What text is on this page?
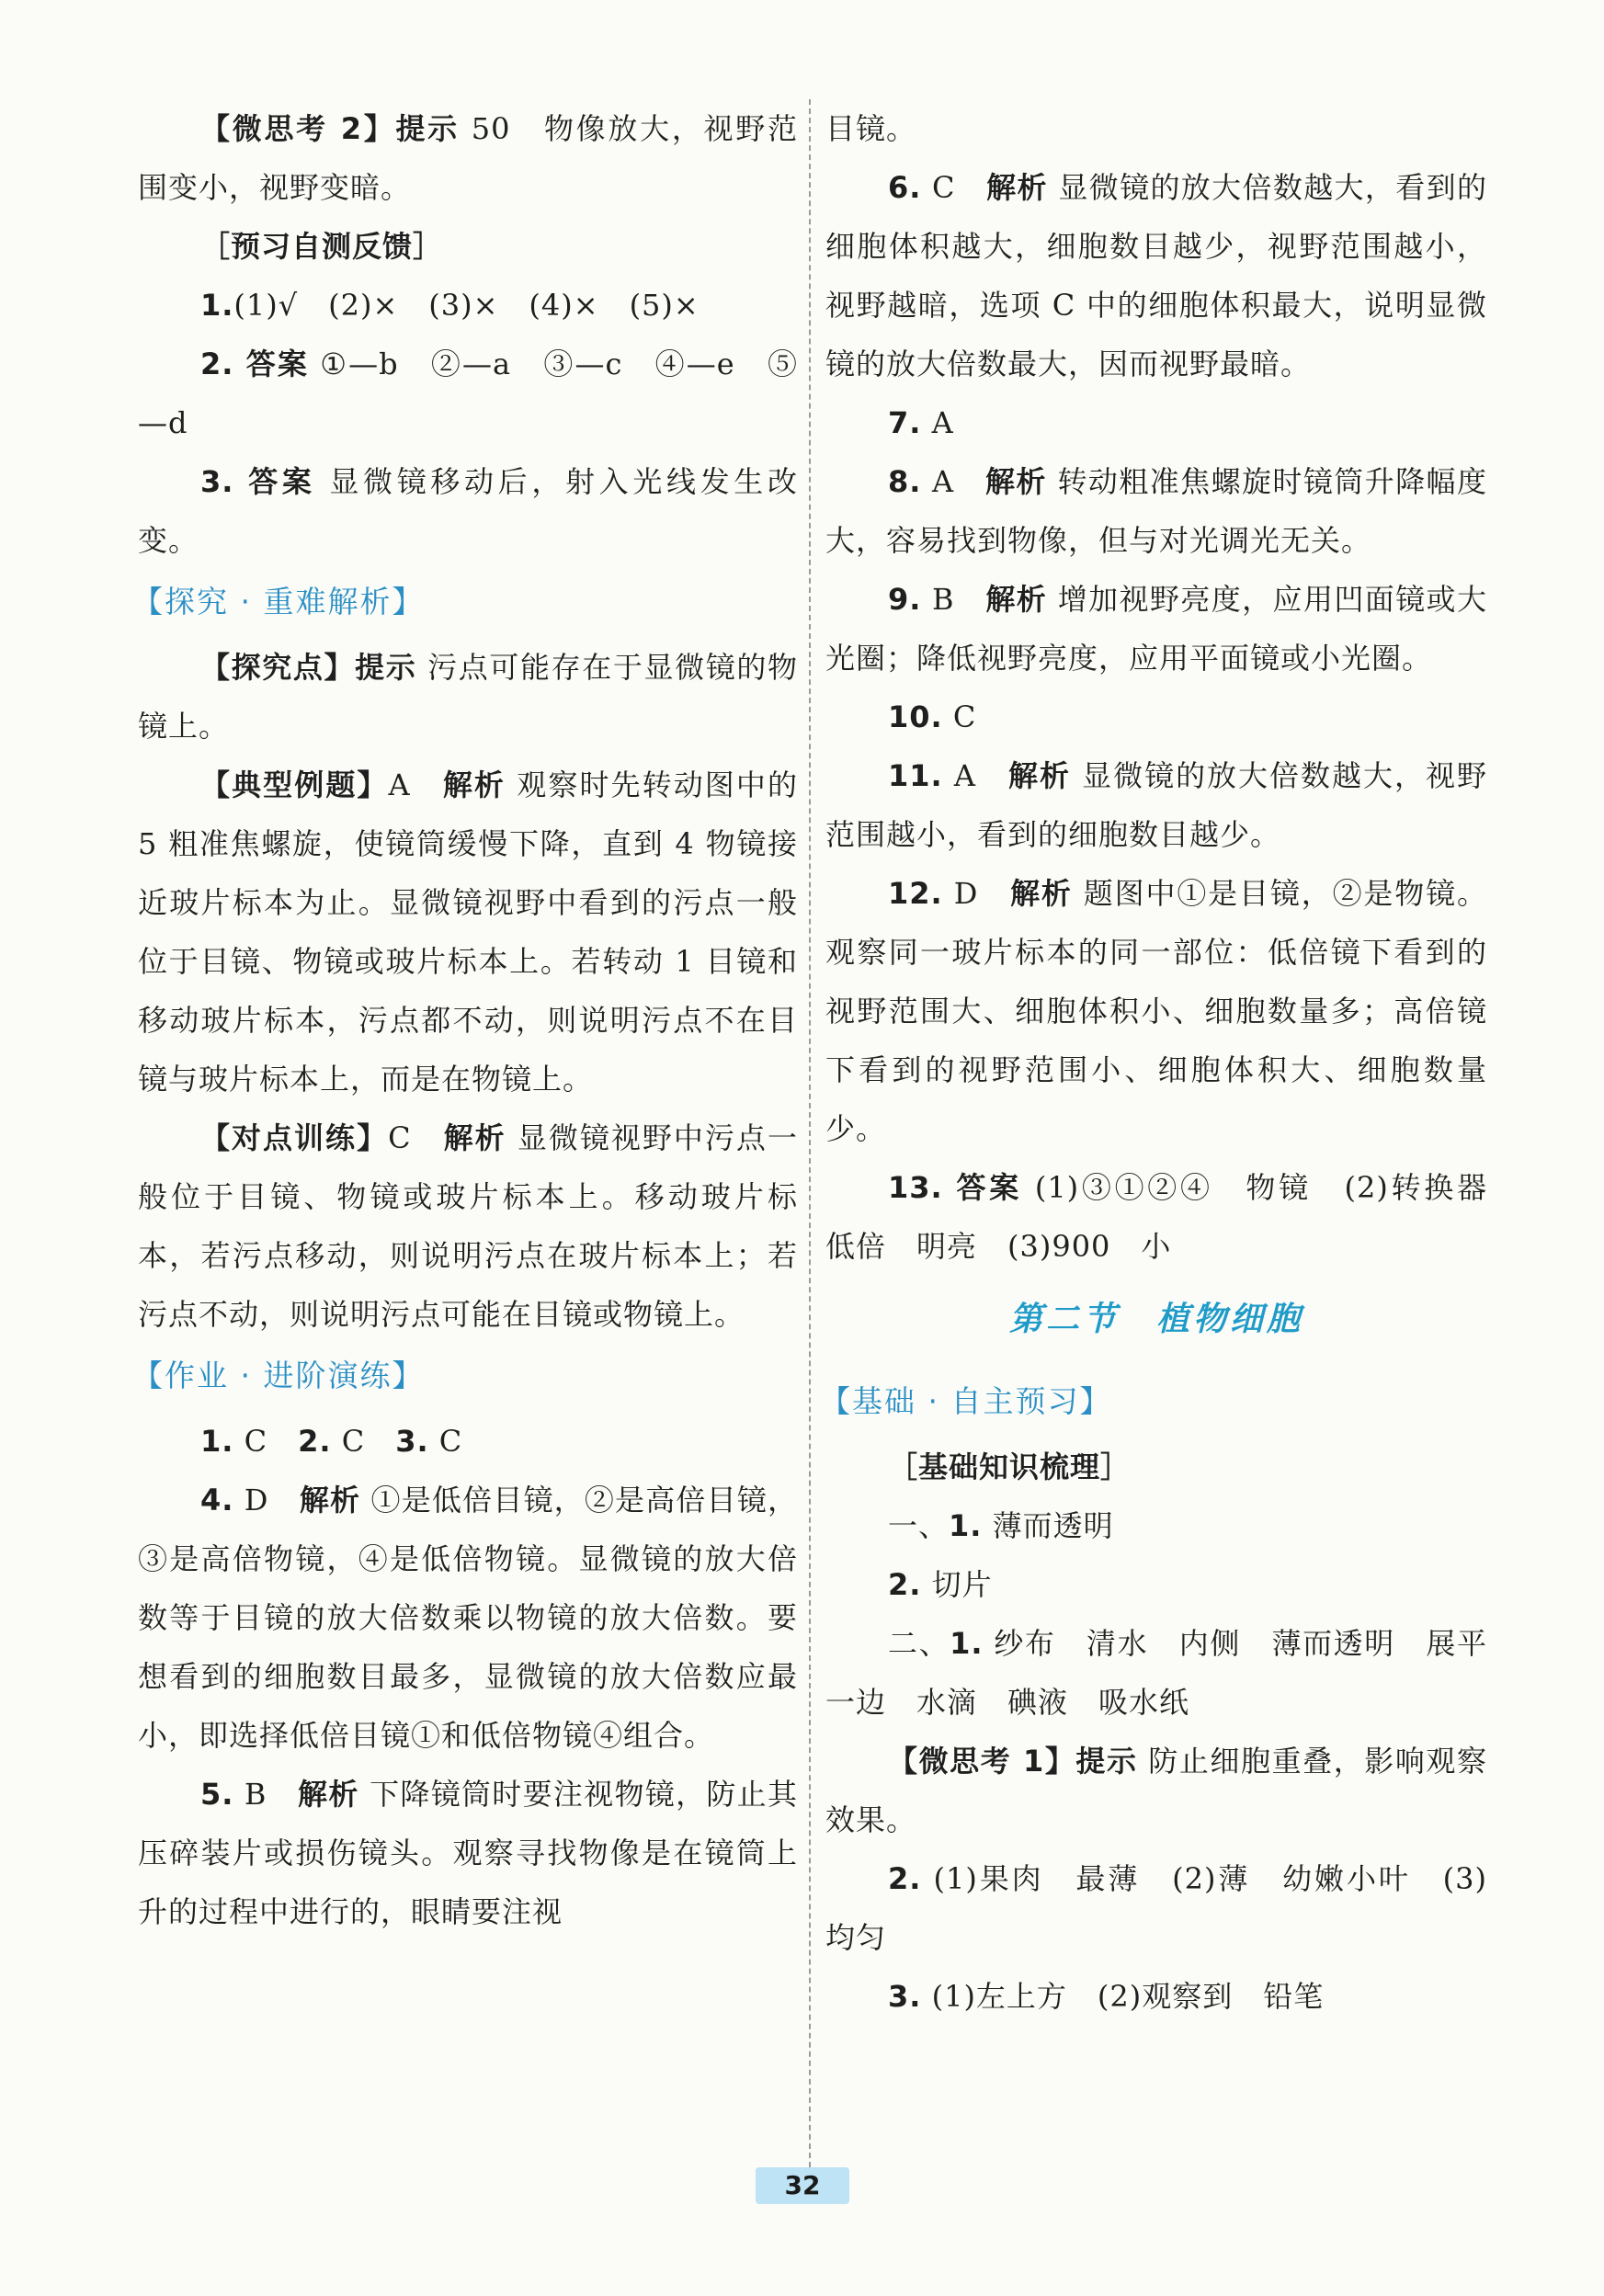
【微思考 2】提示 50　物像放大，视野范围变小，视野变暗。

［预习自测反馈］

1.(1)√　(2)×　(3)×　(4)×　(5)×

2. 答案 ①—b　②—a　③—c　④—e　⑤—d

3. 答案 显微镜移动后，射入光线发生改变。

【探究 · 重难解析】

【探究点】提示 污点可能存在于显微镜的物镜上。

【典型例题】A　解析 观察时先转动图中的 5 粗准焦螺旋，使镜筒缓慢下降，直到 4 物镜接近玻片标本为止。显微镜视野中看到的污点一般位于目镜、物镜或玻片标本上。若转动 1 目镜和移动玻片标本，污点都不动，则说明污点不在目镜与玻片标本上，而是在物镜上。

【对点训练】C　解析 显微镜视野中污点一般位于目镜、物镜或玻片标本上。移动玻片标本，若污点移动，则说明污点在玻片标本上；若污点不动，则说明污点可能在目镜或物镜上。

【作业 · 进阶演练】

1. C　2. C　3. C

4. D　解析 ①是低倍目镜，②是高倍目镜，③是高倍物镜，④是低倍物镜。显微镜的放大倍数等于目镜的放大倍数乘以物镜的放大倍数。要想看到的细胞数目最多，显微镜的放大倍数应最小，即选择低倍目镜①和低倍物镜④组合。

5. B　解析 下降镜筒时要注视物镜，防止其压碎装片或损伤镜头。观察寻找物像是在镜筒上升的过程中进行的，眼睛要注视

目镜。

6. C　解析 显微镜的放大倍数越大，看到的细胞体积越大，细胞数目越少，视野范围越小，视野越暗，选项 C 中的细胞体积最大，说明显微镜的放大倍数最大，因而视野最暗。

7. A

8. A　解析 转动粗准焦螺旋时镜筒升降幅度大，容易找到物像，但与对光调光无关。

9. B　解析 增加视野亮度，应用凹面镜或大光圈；降低视野亮度，应用平面镜或小光圈。

10. C

11. A　解析 显微镜的放大倍数越大，视野范围越小，看到的细胞数目越少。

12. D　解析 题图中①是目镜，②是物镜。观察同一玻片标本的同一部位：低倍镜下看到的视野范围大、细胞体积小、细胞数量多；高倍镜下看到的视野范围小、细胞体积大、细胞数量少。

13. 答案 (1)③①②④　物镜　(2)转换器　低倍　明亮　(3)900　小

第二节　植物细胞
【基础 · 自主预习】

［基础知识梳理］

一、1. 薄而透明

2. 切片

二、1. 纱布　清水　内侧　薄而透明　展平　一边　水滴　碘液　吸水纸

【微思考 1】提示 防止细胞重叠，影响观察效果。

2. (1)果肉　最薄　(2)薄　幼嫩小叶　(3)均匀

3. (1)左上方　(2)观察到　铅笔

32
